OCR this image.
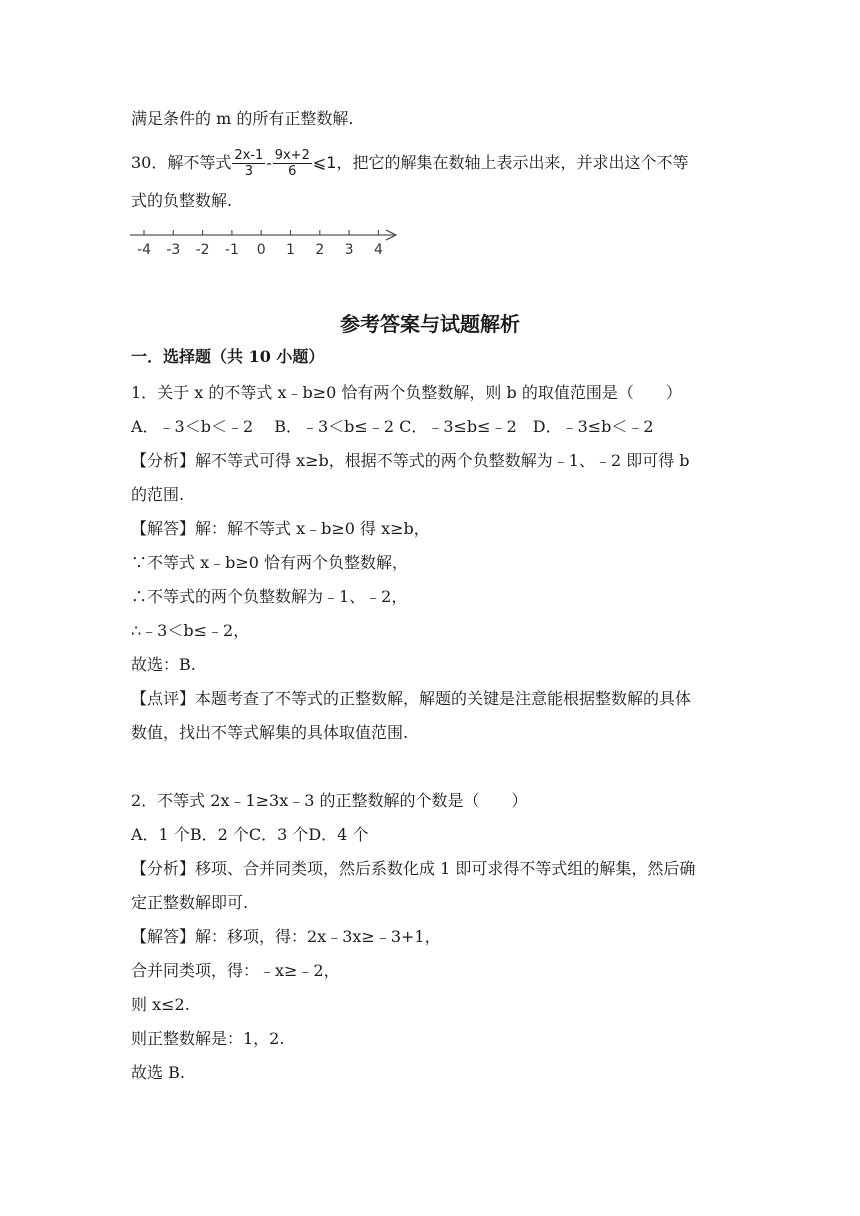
满足条件的 m 的所有正整数解.
30．解不等式 $\frac{2x-1}{3} - \frac{9x+2}{6}$ ⩽1，把它的解集在数轴上表示出来，并求出这个不等
式的负整数解.
-4 -3 -2 -1 0 1 2 3 4
参考答案与试题解析
一．选择题（共 10 小题）
1．关于 x 的不等式 x﹣b≥0 恰有两个负整数解，则 b 的取值范围是（　　）
A．﹣3＜b＜﹣2　 B．﹣3＜b≤﹣2 C．﹣3≤b≤﹣2　D．﹣3≤b＜﹣2
【分析】解不等式可得 x≥b，根据不等式的两个负整数解为﹣1、﹣2 即可得 b
的范围.
【解答】解：解不等式 x﹣b≥0 得 x≥b，
∵不等式 x﹣b≥0 恰有两个负整数解，
∴不等式的两个负整数解为﹣1、﹣2，
∴﹣3＜b≤﹣2，
故选：B.
【点评】本题考查了不等式的正整数解，解题的关键是注意能根据整数解的具体
数值，找出不等式解集的具体取值范围.
2．不等式 2x﹣1≥3x﹣3 的正整数解的个数是（　　）
A．1 个B．2 个C．3 个D．4 个
【分析】移项、合并同类项，然后系数化成 1 即可求得不等式组的解集，然后确
定正整数解即可.
【解答】解：移项，得：2x﹣3x≥﹣3+1，
合并同类项，得：﹣x≥﹣2，
则 x≤2.
则正整数解是：1，2.
故选 B.
